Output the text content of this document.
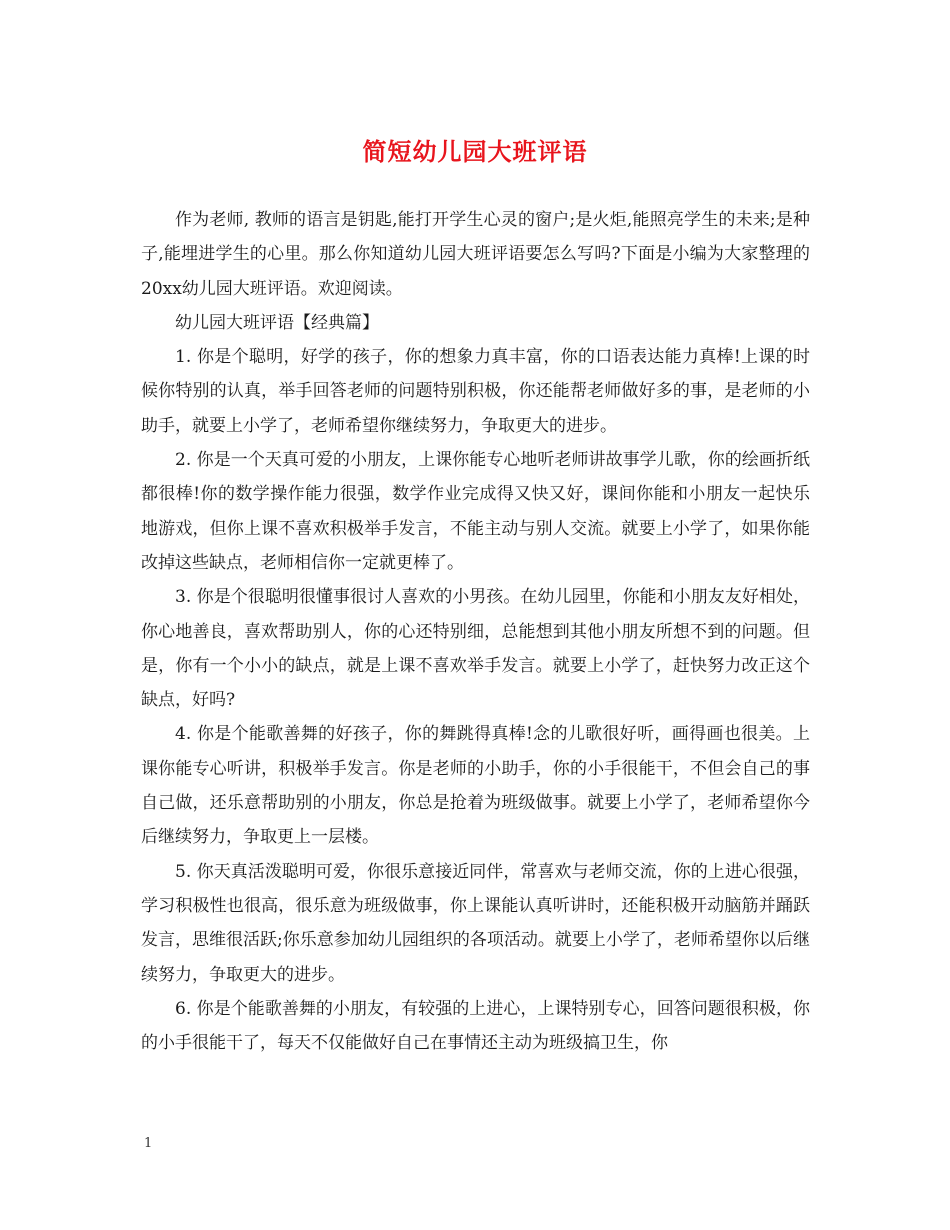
简短幼儿园大班评语

作为老师, 教师的语言是钥匙,能打开学生心灵的窗户;是火炬,能照亮学生的未来;是种子,能埋进学生的心里。那么你知道幼儿园大班评语要怎么写吗?下面是小编为大家整理的20xx幼儿园大班评语。欢迎阅读。

幼儿园大班评语【经典篇】

1. 你是个聪明，好学的孩子，你的想象力真丰富，你的口语表达能力真棒!上课的时候你特别的认真，举手回答老师的问题特别积极，你还能帮老师做好多的事，是老师的小助手，就要上小学了，老师希望你继续努力，争取更大的进步。

2. 你是一个天真可爱的小朋友，上课你能专心地听老师讲故事学儿歌，你的绘画折纸都很棒!你的数学操作能力很强，数学作业完成得又快又好，课间你能和小朋友一起快乐地游戏，但你上课不喜欢积极举手发言，不能主动与别人交流。就要上小学了，如果你能改掉这些缺点，老师相信你一定就更棒了。

3. 你是个很聪明很懂事很讨人喜欢的小男孩。在幼儿园里，你能和小朋友友好相处，你心地善良，喜欢帮助别人，你的心还特别细，总能想到其他小朋友所想不到的问题。但是，你有一个小小的缺点，就是上课不喜欢举手发言。就要上小学了，赶快努力改正这个缺点，好吗?

4. 你是个能歌善舞的好孩子，你的舞跳得真棒!念的儿歌很好听，画得画也很美。上课你能专心听讲，积极举手发言。你是老师的小助手，你的小手很能干，不但会自己的事自己做，还乐意帮助别的小朋友，你总是抢着为班级做事。就要上小学了，老师希望你今后继续努力，争取更上一层楼。

5. 你天真活泼聪明可爱，你很乐意接近同伴，常喜欢与老师交流，你的上进心很强，学习积极性也很高，很乐意为班级做事，你上课能认真听讲时，还能积极开动脑筋并踊跃发言，思维很活跃;你乐意参加幼儿园组织的各项活动。就要上小学了，老师希望你以后继续努力，争取更大的进步。

6. 你是个能歌善舞的小朋友，有较强的上进心，上课特别专心，回答问题很积极，你的小手很能干了，每天不仅能做好自己在事情还主动为班级搞卫生，你

1
